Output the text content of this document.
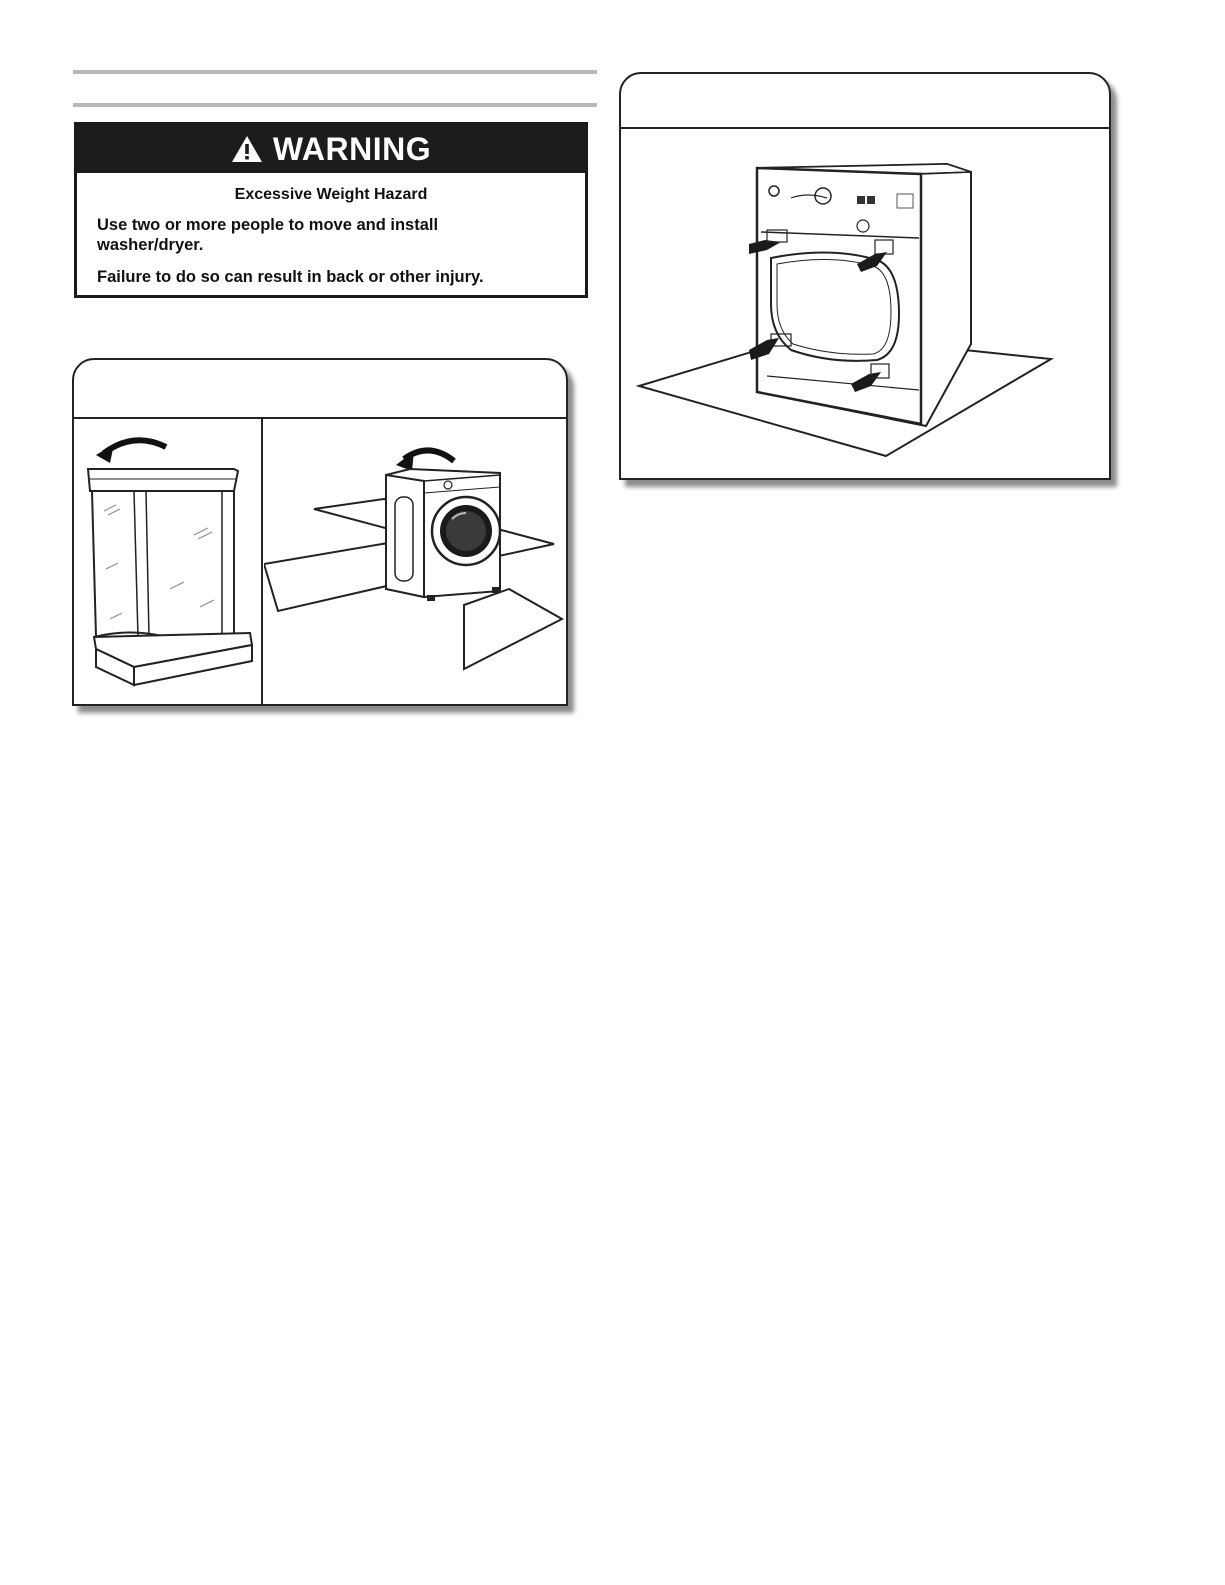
WARNING
Excessive Weight Hazard
Use two or more people to move and install
washer/dryer.
Failure to do so can result in back or other injury.
